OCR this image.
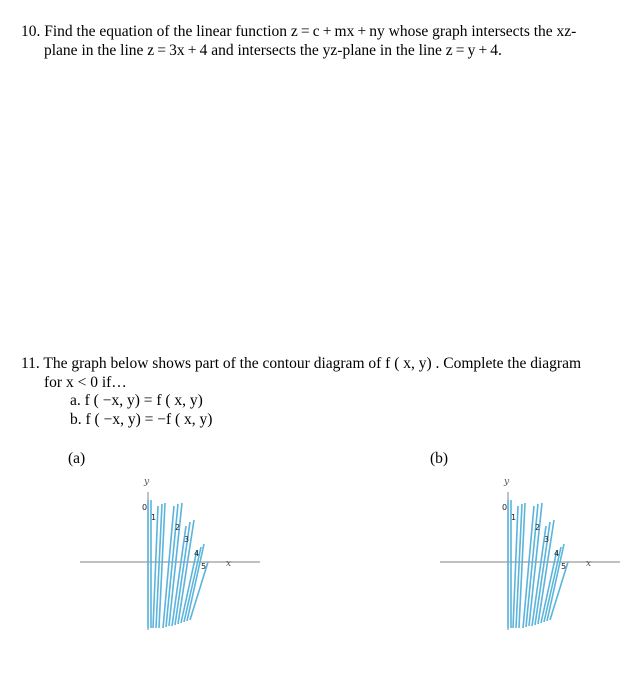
10. Find the equation of the linear function z = c + mx + ny whose graph intersects the xz-
plane in the line z = 3x + 4 and intersects the yz-plane in the line z = y + 4.
11. The graph below shows part of the contour diagram of f ( x, y) . Complete the diagram
for x < 0 if…
a. f ( −x, y) = f ( x, y)
b. f ( −x, y) = −f ( x, y)
(a)	(b)
y
x
0
1
2
3
4
5
y
x
0
1
2
3
4
5
